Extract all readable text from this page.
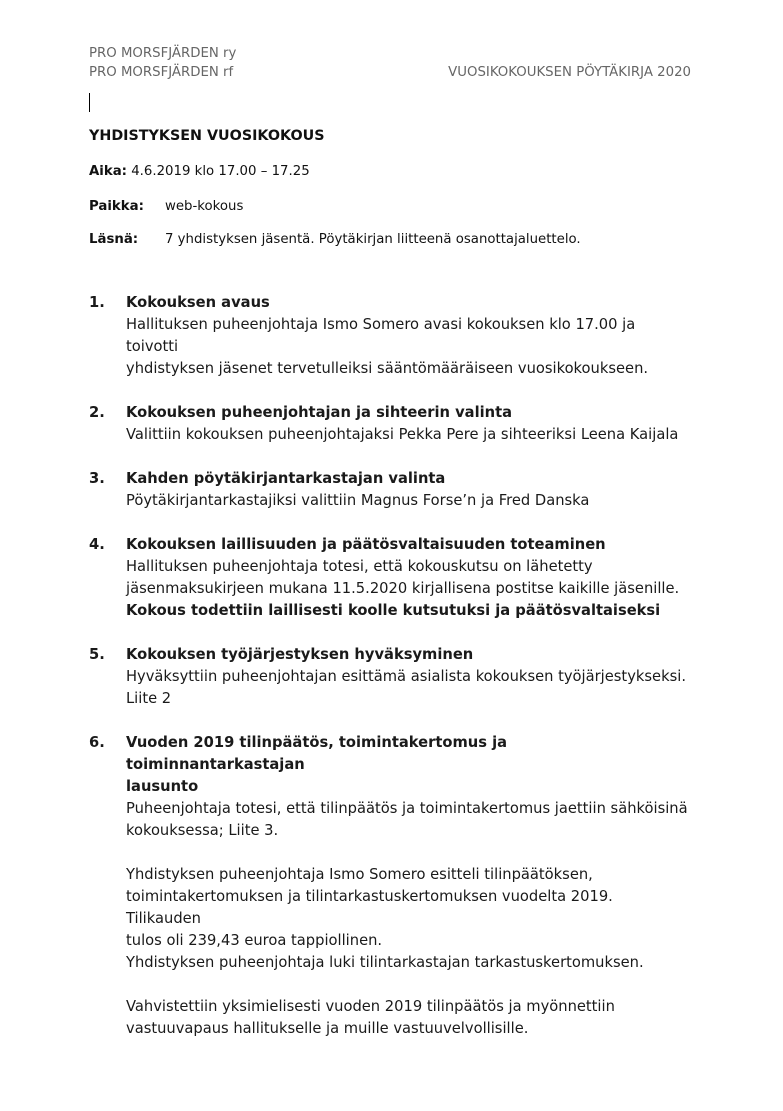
PRO MORSFJÄRDEN ry
PRO MORSFJÄRDEN rf	VUOSIKOKOUKSEN PÖYTÄKIRJA 2020
YHDISTYKSEN VUOSIKOKOUS
Aika: 4.6.2019 klo 17.00 – 17.25
Paikka: web-kokous
Läsnä: 7 yhdistyksen jäsentä. Pöytäkirjan liitteenä osanottajaluettelo.
1. Kokouksen avaus

Hallituksen puheenjohtaja Ismo Somero avasi kokouksen klo 17.00 ja toivotti

yhdistyksen jäsenet tervetulleiksi sääntömääräiseen vuosikokoukseen.

2. Kokouksen puheenjohtajan ja sihteerin valinta

Valittiin kokouksen puheenjohtajaksi Pekka Pere ja sihteeriksi Leena Kaijala

3. Kahden pöytäkirjantarkastajan valinta

Pöytäkirjantarkastajiksi valittiin Magnus Forse’n ja Fred Danska

4. Kokouksen laillisuuden ja päätösvaltaisuuden toteaminen

Hallituksen puheenjohtaja totesi, että kokouskutsu on lähetetty

jäsenmaksukirjeen mukana 11.5.2020 kirjallisena postitse kaikille jäsenille.

Kokous todettiin laillisesti koolle kutsutuksi ja päätösvaltaiseksi

5. Kokouksen työjärjestyksen hyväksyminen

Hyväksyttiin puheenjohtajan esittämä asialista kokouksen työjärjestykseksi.

Liite 2

6. Vuoden 2019 tilinpäätös, toimintakertomus ja toiminnantarkastajan
lausunto

Puheenjohtaja totesi, että tilinpäätös ja toimintakertomus jaettiin sähköisinä

kokouksessa; Liite 3.

Yhdistyksen puheenjohtaja Ismo Somero esitteli tilinpäätöksen,

toimintakertomuksen ja tilintarkastuskertomuksen vuodelta 2019. Tilikauden

tulos oli 239,43 euroa tappiollinen.

Yhdistyksen puheenjohtaja luki tilintarkastajan tarkastuskertomuksen.

Vahvistettiin yksimielisesti vuoden 2019 tilinpäätös ja myönnettiin

vastuuvapaus hallitukselle ja muille vastuuvelvollisille.
